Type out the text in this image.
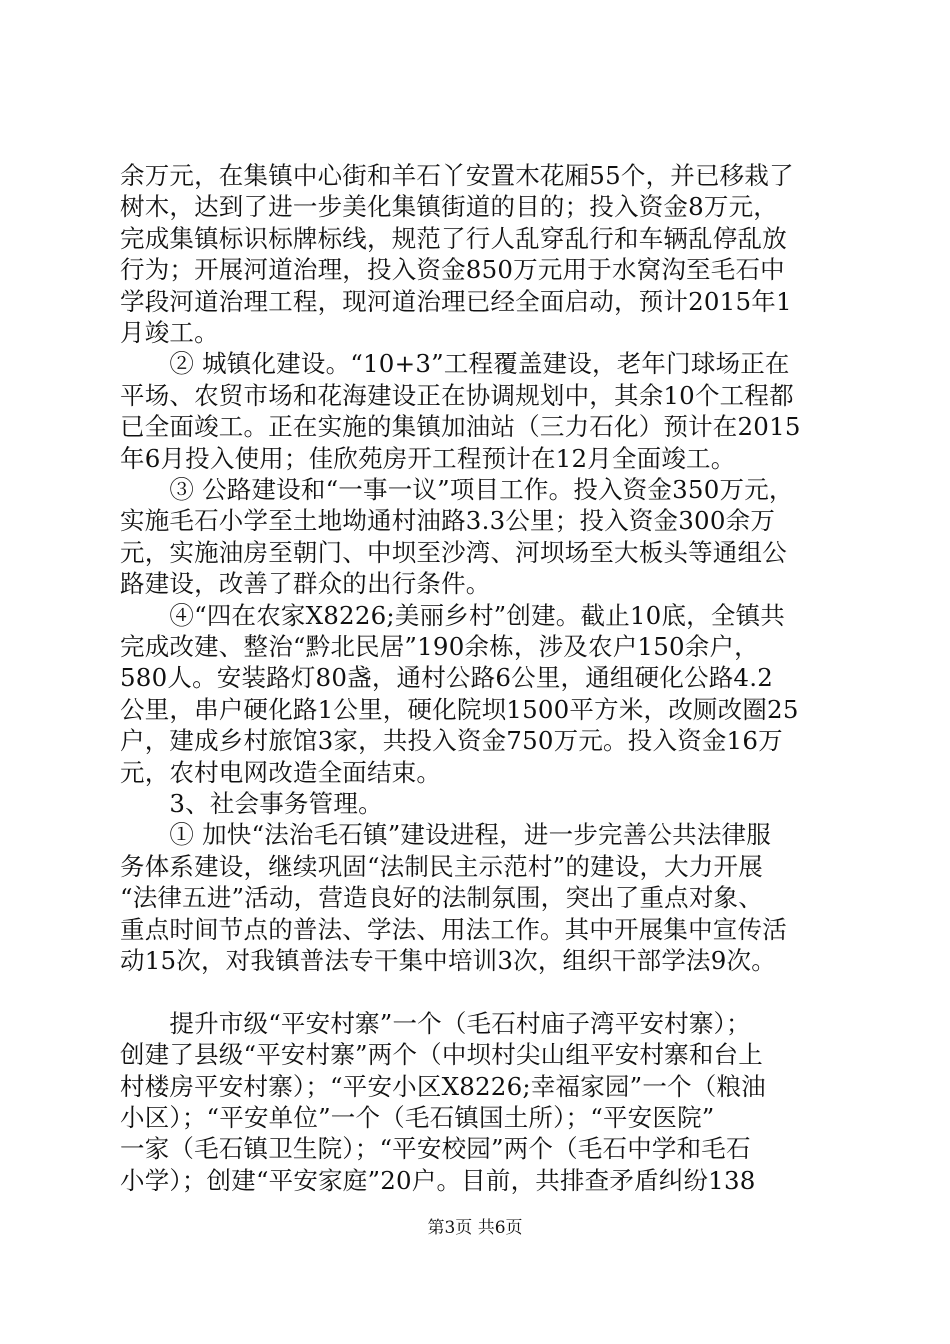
余万元，在集镇中心街和羊石丫安置木花厢55个，并已移栽了
树木，达到了进一步美化集镇街道的目的；投入资金8万元，
完成集镇标识标牌标线，规范了行人乱穿乱行和车辆乱停乱放
行为；开展河道治理，投入资金850万元用于水窝沟至毛石中
学段河道治理工程，现河道治理已经全面启动，预计2015年1
月竣工。
　　② 城镇化建设。“10+3”工程覆盖建设，老年门球场正在
平场、农贸市场和花海建设正在协调规划中，其余10个工程都
已全面竣工。正在实施的集镇加油站（三力石化）预计在2015
年6月投入使用；佳欣苑房开工程预计在12月全面竣工。
　　③ 公路建设和“一事一议”项目工作。投入资金350万元，
实施毛石小学至土地坳通村油路3.3公里；投入资金300余万
元，实施油房至朝门、中坝至沙湾、河坝场至大板头等通组公
路建设，改善了群众的出行条件。
　　④“四在农家X8226;美丽乡村”创建。截止10底，全镇共
完成改建、整治“黔北民居”190余栋，涉及农户150余户，
580人。安装路灯80盏，通村公路6公里，通组硬化公路4.2
公里，串户硬化路1公里，硬化院坝1500平方米，改厕改圈25
户，建成乡村旅馆3家，共投入资金750万元。投入资金16万
元，农村电网改造全面结束。
　　3、社会事务管理。
　　① 加快“法治毛石镇”建设进程，进一步完善公共法律服
务体系建设，继续巩固“法制民主示范村”的建设，大力开展
“法律五进”活动，营造良好的法制氛围，突出了重点对象、
重点时间节点的普法、学法、用法工作。其中开展集中宣传活
动15次，对我镇普法专干集中培训3次，组织干部学法9次。
　　提升市级“平安村寨”一个（毛石村庙子湾平安村寨）；
创建了县级“平安村寨”两个（中坝村尖山组平安村寨和台上
村楼房平安村寨）；“平安小区X8226;幸福家园”一个（粮油
小区）；“平安单位”一个（毛石镇国土所）；“平安医院”
一家（毛石镇卫生院）；“平安校园”两个（毛石中学和毛石
小学）；创建“平安家庭”20户。目前，共排查矛盾纠纷138
第3页 共6页
